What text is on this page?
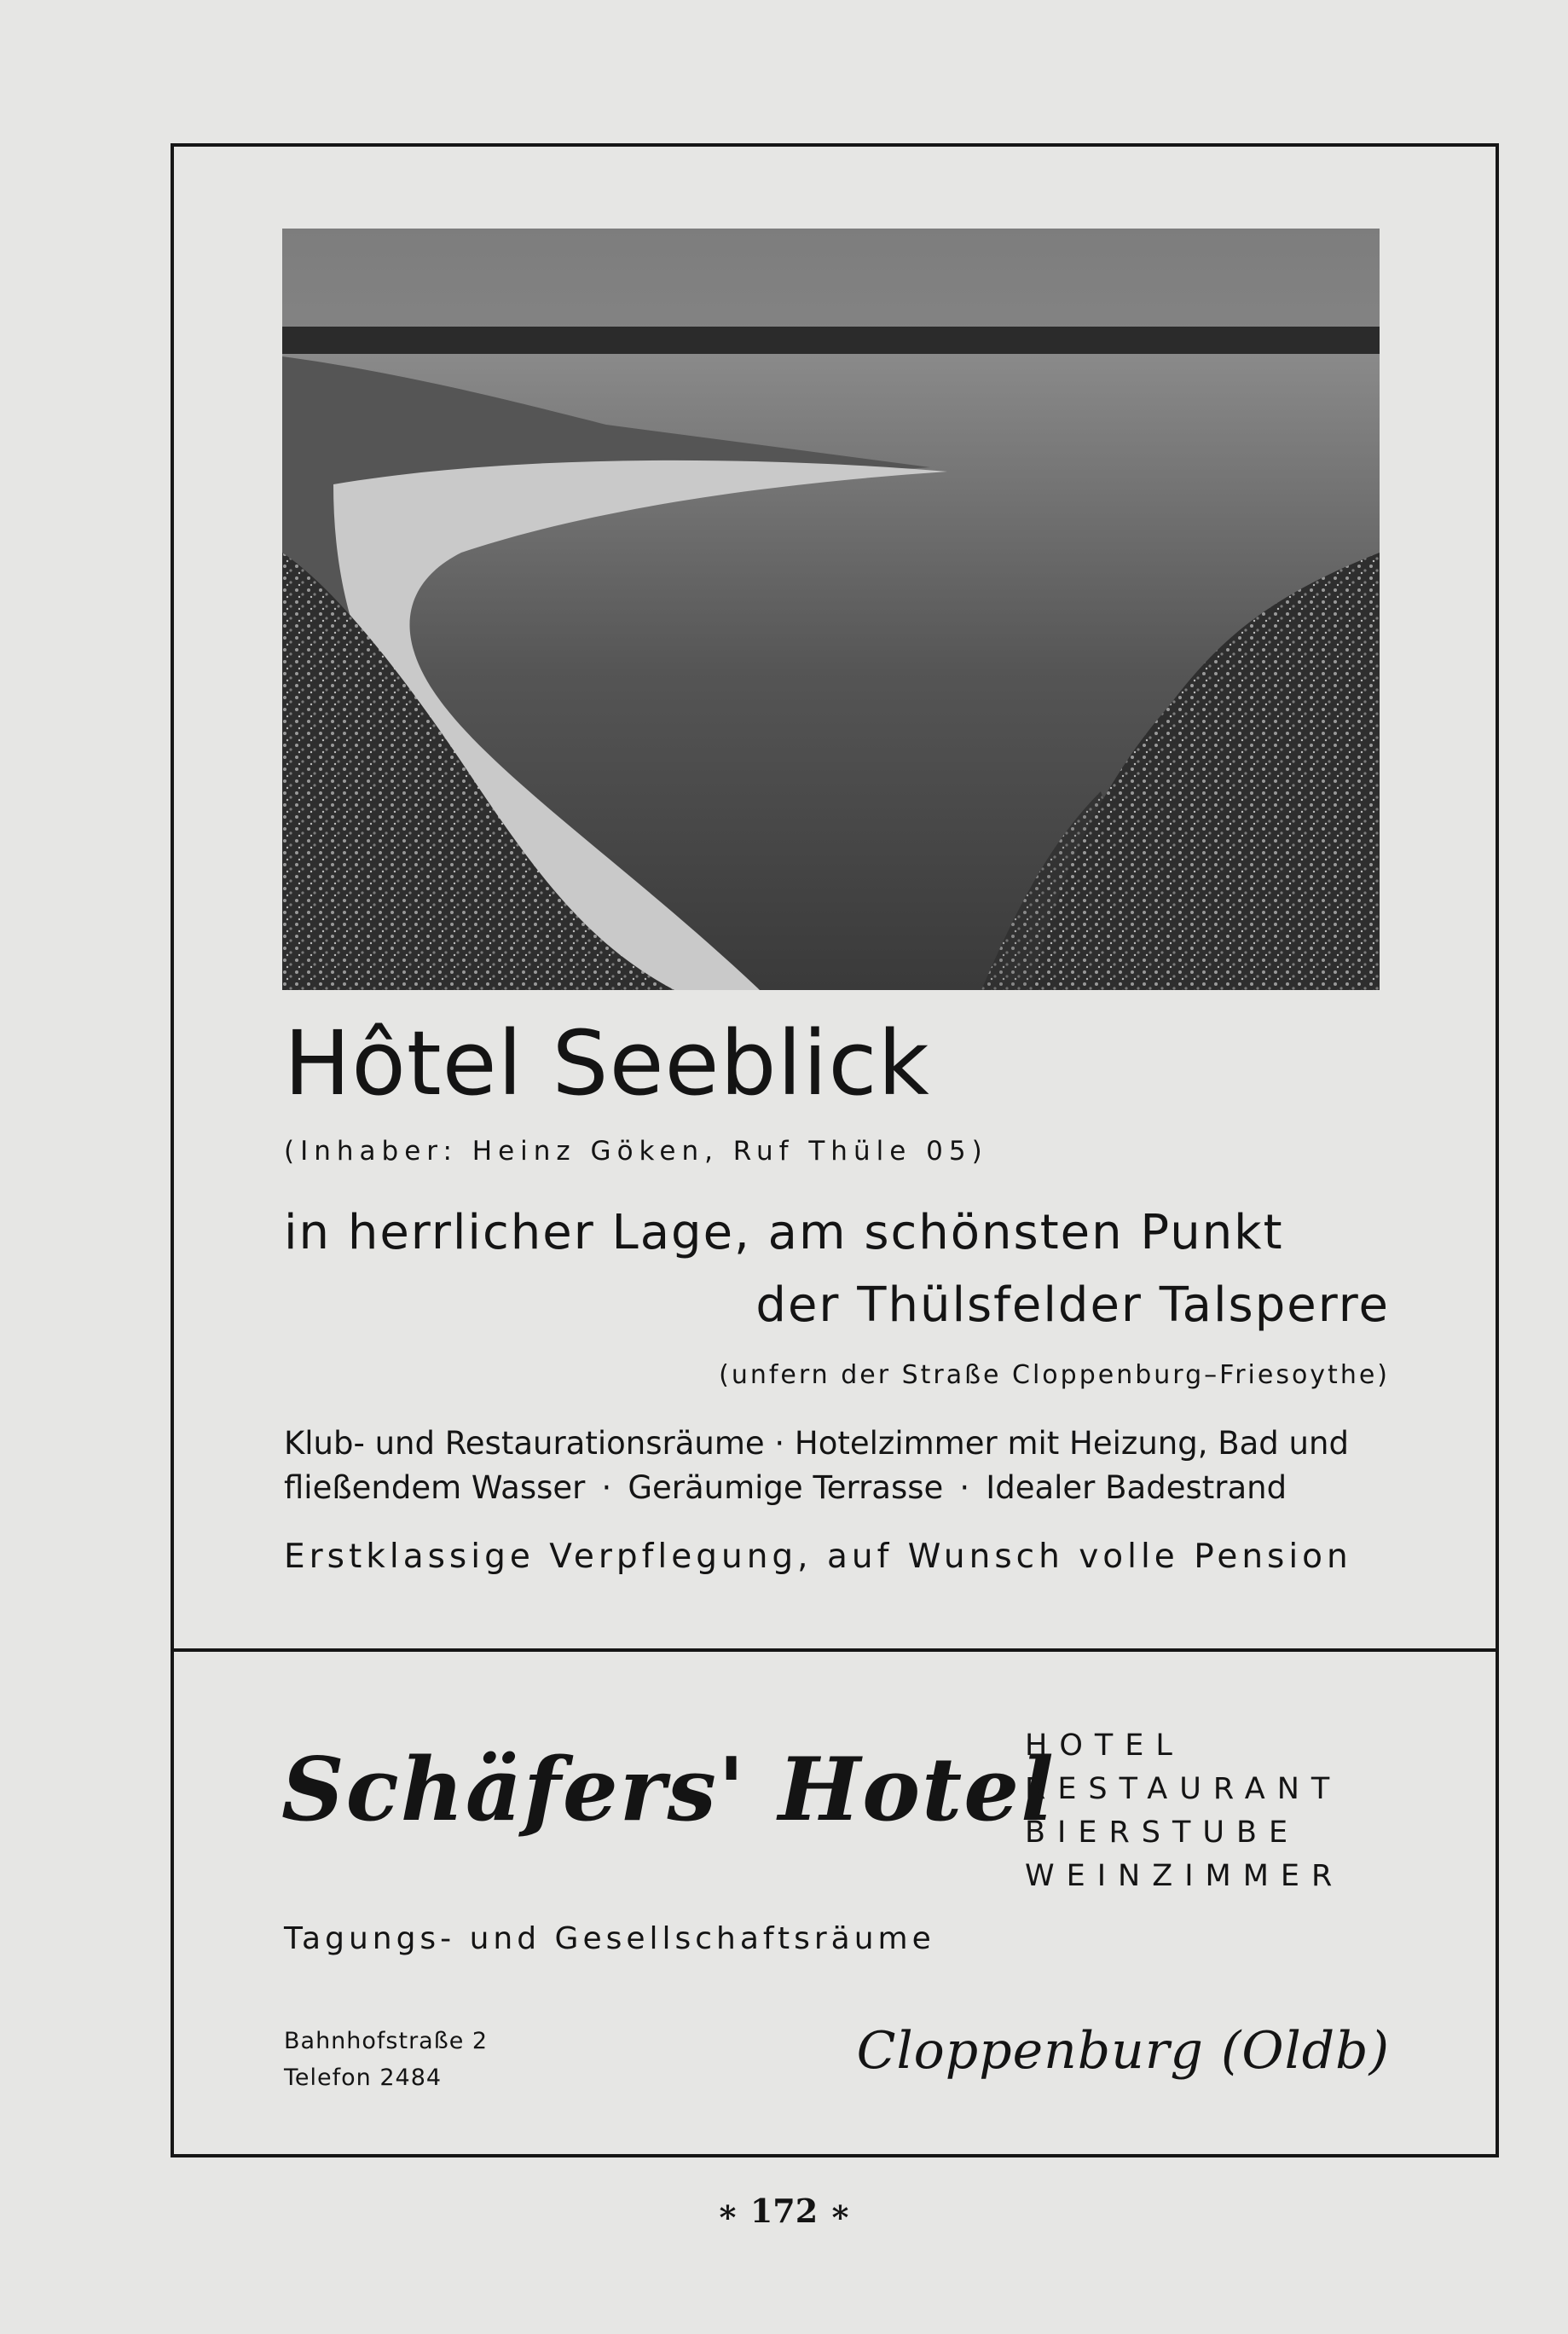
Hôtel Seeblick

(Inhaber: Heinz Göken, Ruf Thüle 05)

in herrlicher Lage, am schönsten Punkt

der Thülsfelder Talsperre

(unfern der Straße Cloppenburg–Friesoythe)

Klub- und Restaurationsräume · Hotelzimmer mit Heizung, Bad und

fließendem Wasser · Geräumige Terrasse · Idealer Badestrand

Erstklassige Verpflegung, auf Wunsch volle Pension

Schäfers' Hotel
HOTEL
RESTAURANT
BIERSTUBE
WEINZIMMER

Tagungs- und Gesellschaftsräume

Bahnhofstraße 2

Telefon 2484	Cloppenburg (Oldb)

∗ 172 ∗
